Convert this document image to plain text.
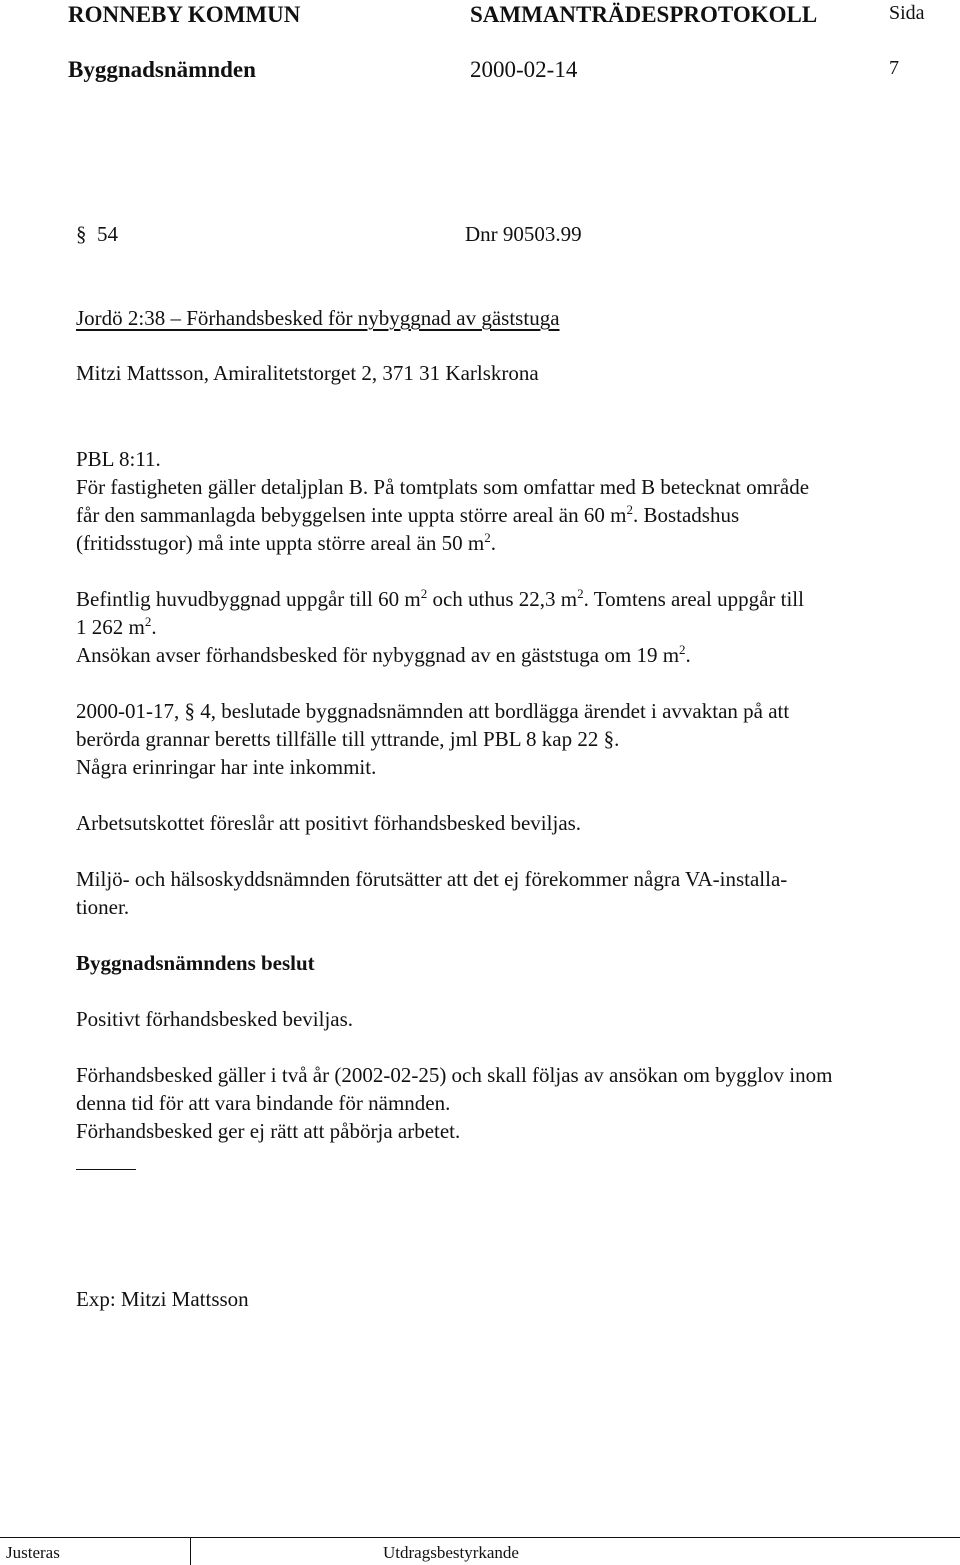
RONNEBY KOMMUN	SAMMANTRÄDESPROTOKOLL	Sida
Byggnadsnämnden	2000-02-14	7
§ 54	Dnr 90503.99
Jordö 2:38 – Förhandsbesked för nybyggnad av gäststuga
Mitzi Mattsson, Amiralitetstorget 2, 371 31 Karlskrona
PBL 8:11.
För fastigheten gäller detaljplan B. På tomtplats som omfattar med B betecknat område
får den sammanlagda bebyggelsen inte uppta större areal än 60 $m^2$. Bostadshus
(fritidsstugor) må inte uppta större areal än 50 $m^2$.
Befintlig huvudbyggnad uppgår till 60 $m^2$ och uthus 22,3 $m^2$. Tomtens areal uppgår till
1 262 $m^2$.
Ansökan avser förhandsbesked för nybyggnad av en gäststuga om 19 $m^2$.
2000-01-17, § 4, beslutade byggnadsnämnden att bordlägga ärendet i avvaktan på att
berörda grannar beretts tillfälle till yttrande, jml PBL 8 kap 22 §.
Några erinringar har inte inkommit.
Arbetsutskottet föreslår att positivt förhandsbesked beviljas.
Miljö- och hälsoskyddsnämnden förutsätter att det ej förekommer några VA-installa-
tioner.
Byggnadsnämndens beslut
Positivt förhandsbesked beviljas.
Förhandsbesked gäller i två år (2002-02-25) och skall följas av ansökan om bygglov inom
denna tid för att vara bindande för nämnden.
Förhandsbesked ger ej rätt att påbörja arbetet.
Exp: Mitzi Mattsson
Justeras	Utdragsbestyrkande
